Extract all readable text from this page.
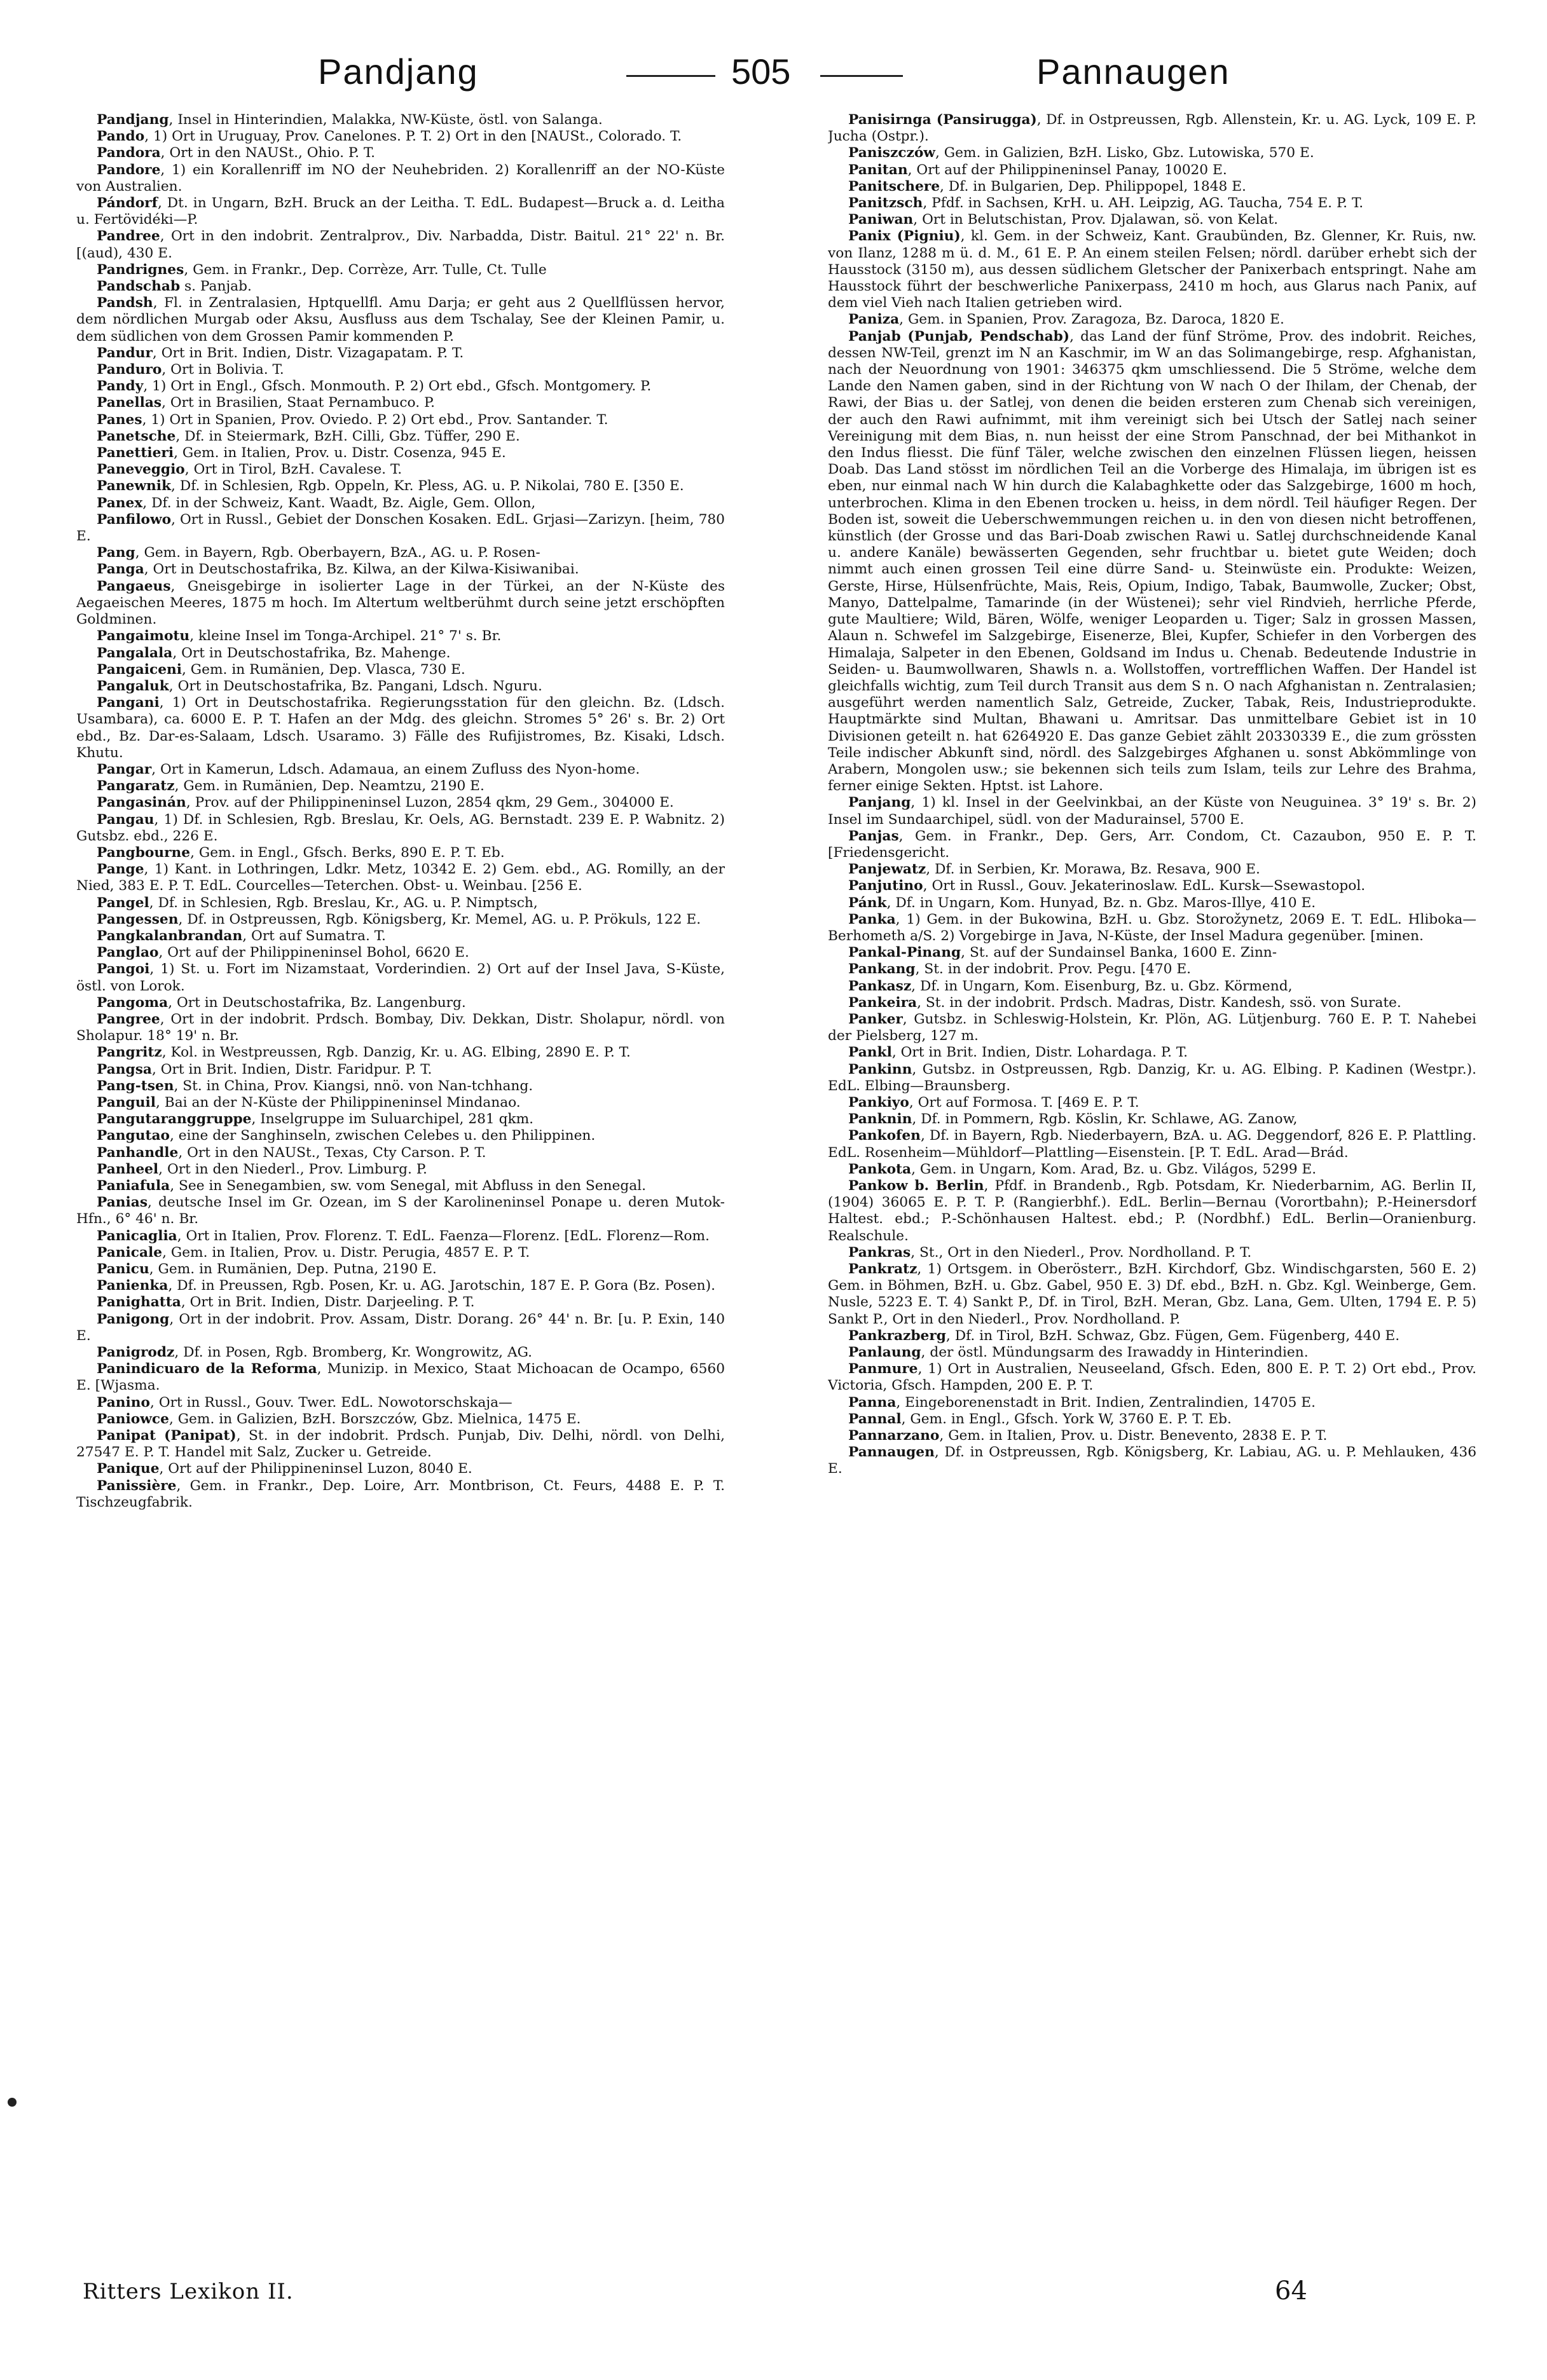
Pandjang	505	Pannaugen

Pandjang, Insel in Hinterindien, Malakka, NW-Küste, östl. von Salanga.

Pando, 1) Ort in Uruguay, Prov. Canelones. P. T. 2) Ort in den [NAUSt., Colorado. T.

Pandora, Ort in den NAUSt., Ohio. P. T.

Pandore, 1) ein Korallenriff im NO der Neuhebriden. 2) Korallenriff an der NO-Küste von Australien.

Pándorf, Dt. in Ungarn, BzH. Bruck an der Leitha. T. EdL. Budapest—Bruck a. d. Leitha u. Fertövidéki—P.

Pandree, Ort in den indobrit. Zentralprov., Div. Narbadda, Distr. Baitul. 21° 22' n. Br. [(aud), 430 E.

Pandrignes, Gem. in Frankr., Dep. Corrèze, Arr. Tulle, Ct. Tulle

Pandschab s. Panjab.

Pandsh, Fl. in Zentralasien, Hptquellfl. Amu Darja; er geht aus 2 Quellflüssen hervor, dem nördlichen Murgab oder Aksu, Ausfluss aus dem Tschalay, See der Kleinen Pamir, u. dem südlichen von dem Grossen Pamir kommenden P.

Pandur, Ort in Brit. Indien, Distr. Vizagapatam. P. T.

Panduro, Ort in Bolivia. T.

Pandy, 1) Ort in Engl., Gfsch. Monmouth. P. 2) Ort ebd., Gfsch. Montgomery. P.

Panellas, Ort in Brasilien, Staat Pernambuco. P.

Panes, 1) Ort in Spanien, Prov. Oviedo. P. 2) Ort ebd., Prov. Santander. T.

Panetsche, Df. in Steiermark, BzH. Cilli, Gbz. Tüffer, 290 E.

Panettieri, Gem. in Italien, Prov. u. Distr. Cosenza, 945 E.

Paneveggio, Ort in Tirol, BzH. Cavalese. T.

Panewnik, Df. in Schlesien, Rgb. Oppeln, Kr. Pless, AG. u. P. Nikolai, 780 E. [350 E.

Panex, Df. in der Schweiz, Kant. Waadt, Bz. Aigle, Gem. Ollon,

Panfilowo, Ort in Russl., Gebiet der Donschen Kosaken. EdL. Grjasi—Zarizyn. [heim, 780 E.

Pang, Gem. in Bayern, Rgb. Oberbayern, BzA., AG. u. P. Rosen-

Panga, Ort in Deutschostafrika, Bz. Kilwa, an der Kilwa-Kisiwanibai.

Pangaeus, Gneisgebirge in isolierter Lage in der Türkei, an der N-Küste des Aegaeischen Meeres, 1875 m hoch. Im Altertum weltberühmt durch seine jetzt erschöpften Goldminen.

Pangaimotu, kleine Insel im Tonga-Archipel. 21° 7' s. Br.

Pangalala, Ort in Deutschostafrika, Bz. Mahenge.

Pangaiceni, Gem. in Rumänien, Dep. Vlasca, 730 E.

Pangaluk, Ort in Deutschostafrika, Bz. Pangani, Ldsch. Nguru.

Pangani, 1) Ort in Deutschostafrika. Regierungsstation für den gleichn. Bz. (Ldsch. Usambara), ca. 6000 E. P. T. Hafen an der Mdg. des gleichn. Stromes 5° 26' s. Br. 2) Ort ebd., Bz. Dar-es-Salaam, Ldsch. Usaramo. 3) Fälle des Rufijistromes, Bz. Kisaki, Ldsch. Khutu.

Pangar, Ort in Kamerun, Ldsch. Adamaua, an einem Zufluss des Nyon-home.

Pangaratz, Gem. in Rumänien, Dep. Neamtzu, 2190 E.

Pangasinán, Prov. auf der Philippineninsel Luzon, 2854 qkm, 29 Gem., 304000 E.

Pangau, 1) Df. in Schlesien, Rgb. Breslau, Kr. Oels, AG. Bernstadt. 239 E. P. Wabnitz. 2) Gutsbz. ebd., 226 E.

Pangbourne, Gem. in Engl., Gfsch. Berks, 890 E. P. T. Eb.

Pange, 1) Kant. in Lothringen, Ldkr. Metz, 10342 E. 2) Gem. ebd., AG. Romilly, an der Nied, 383 E. P. T. EdL. Courcelles—Teterchen. Obst- u. Weinbau. [256 E.

Pangel, Df. in Schlesien, Rgb. Breslau, Kr., AG. u. P. Nimptsch,

Pangessen, Df. in Ostpreussen, Rgb. Königsberg, Kr. Memel, AG. u. P. Prökuls, 122 E.

Pangkalanbrandan, Ort auf Sumatra. T.

Panglao, Ort auf der Philippineninsel Bohol, 6620 E.

Pangoi, 1) St. u. Fort im Nizamstaat, Vorderindien. 2) Ort auf der Insel Java, S-Küste, östl. von Lorok.

Pangoma, Ort in Deutschostafrika, Bz. Langenburg.

Pangree, Ort in der indobrit. Prdsch. Bombay, Div. Dekkan, Distr. Sholapur, nördl. von Sholapur. 18° 19' n. Br.

Pangritz, Kol. in Westpreussen, Rgb. Danzig, Kr. u. AG. Elbing, 2890 E. P. T.

Pangsa, Ort in Brit. Indien, Distr. Faridpur. P. T.

Pang-tsen, St. in China, Prov. Kiangsi, nnö. von Nan-tchhang.

Panguil, Bai an der N-Küste der Philippineninsel Mindanao.

Pangutaranggruppe, Inselgruppe im Suluarchipel, 281 qkm.

Pangutao, eine der Sanghinseln, zwischen Celebes u. den Philippinen.

Panhandle, Ort in den NAUSt., Texas, Cty Carson. P. T.

Panheel, Ort in den Niederl., Prov. Limburg. P.

Paniafula, See in Senegambien, sw. vom Senegal, mit Abfluss in den Senegal.

Panias, deutsche Insel im Gr. Ozean, im S der Karolineninsel Ponape u. deren Mutok-Hfn., 6° 46' n. Br.

Panicaglia, Ort in Italien, Prov. Florenz. T. EdL. Faenza—Florenz. [EdL. Florenz—Rom.

Panicale, Gem. in Italien, Prov. u. Distr. Perugia, 4857 E. P. T.

Panicu, Gem. in Rumänien, Dep. Putna, 2190 E.

Panienka, Df. in Preussen, Rgb. Posen, Kr. u. AG. Jarotschin, 187 E. P. Gora (Bz. Posen).

Panighatta, Ort in Brit. Indien, Distr. Darjeeling. P. T.

Panigong, Ort in der indobrit. Prov. Assam, Distr. Dorang. 26° 44' n. Br. [u. P. Exin, 140 E.

Panigrodz, Df. in Posen, Rgb. Bromberg, Kr. Wongrowitz, AG.

Panindicuaro de la Reforma, Munizip. in Mexico, Staat Michoacan de Ocampo, 6560 E. [Wjasma.

Panino, Ort in Russl., Gouv. Twer. EdL. Nowotorschskaja—

Paniowce, Gem. in Galizien, BzH. Borszczów, Gbz. Mielnica, 1475 E.

Panipat (Panipat), St. in der indobrit. Prdsch. Punjab, Div. Delhi, nördl. von Delhi, 27547 E. P. T. Handel mit Salz, Zucker u. Getreide.

Panique, Ort auf der Philippineninsel Luzon, 8040 E.

Panissière, Gem. in Frankr., Dep. Loire, Arr. Montbrison, Ct. Feurs, 4488 E. P. T. Tischzeugfabrik.

Panisirnga (Pansirugga), Df. in Ostpreussen, Rgb. Allenstein, Kr. u. AG. Lyck, 109 E. P. Jucha (Ostpr.).

Paniszczów, Gem. in Galizien, BzH. Lisko, Gbz. Lutowiska, 570 E.

Panitan, Ort auf der Philippineninsel Panay, 10020 E.

Panitschere, Df. in Bulgarien, Dep. Philippopel, 1848 E.

Panitzsch, Pfdf. in Sachsen, KrH. u. AH. Leipzig, AG. Taucha, 754 E. P. T.

Paniwan, Ort in Belutschistan, Prov. Djalawan, sö. von Kelat.

Panix (Pigniu), kl. Gem. in der Schweiz, Kant. Graubünden, Bz. Glenner, Kr. Ruis, nw. von Ilanz, 1288 m ü. d. M., 61 E. P. An einem steilen Felsen; nördl. darüber erhebt sich der Hausstock (3150 m), aus dessen südlichem Gletscher der Panixerbach entspringt. Nahe am Hausstock führt der beschwerliche Panixerpass, 2410 m hoch, aus Glarus nach Panix, auf dem viel Vieh nach Italien getrieben wird.

Paniza, Gem. in Spanien, Prov. Zaragoza, Bz. Daroca, 1820 E.

Panjab (Punjab, Pendschab), das Land der fünf Ströme, Prov. des indobrit. Reiches, dessen NW-Teil, grenzt im N an Kaschmir, im W an das Solimangebirge, resp. Afghanistan, nach der Neuordnung von 1901: 346375 qkm umschliessend. Die 5 Ströme, welche dem Lande den Namen gaben, sind in der Richtung von W nach O der Ihilam, der Chenab, der Rawi, der Bias u. der Satlej, von denen die beiden ersteren zum Chenab sich vereinigen, der auch den Rawi aufnimmt, mit ihm vereinigt sich bei Utsch der Satlej nach seiner Vereinigung mit dem Bias, n. nun heisst der eine Strom Panschnad, der bei Mithankot in den Indus fliesst. Die fünf Täler, welche zwischen den einzelnen Flüssen liegen, heissen Doab. Das Land stösst im nördlichen Teil an die Vorberge des Himalaja, im übrigen ist es eben, nur einmal nach W hin durch die Kalabaghkette oder das Salzgebirge, 1600 m hoch, unterbrochen. Klima in den Ebenen trocken u. heiss, in dem nördl. Teil häufiger Regen. Der Boden ist, soweit die Ueberschwemmungen reichen u. in den von diesen nicht betroffenen, künstlich (der Grosse und das Bari-Doab zwischen Rawi u. Satlej durchschneidende Kanal u. andere Kanäle) bewässerten Gegenden, sehr fruchtbar u. bietet gute Weiden; doch nimmt auch einen grossen Teil eine dürre Sand- u. Steinwüste ein. Produkte: Weizen, Gerste, Hirse, Hülsenfrüchte, Mais, Reis, Opium, Indigo, Tabak, Baumwolle, Zucker; Obst, Manyo, Dattelpalme, Tamarinde (in der Wüstenei); sehr viel Rindvieh, herrliche Pferde, gute Maultiere; Wild, Bären, Wölfe, weniger Leoparden u. Tiger; Salz in grossen Massen, Alaun n. Schwefel im Salzgebirge, Eisenerze, Blei, Kupfer, Schiefer in den Vorbergen des Himalaja, Salpeter in den Ebenen, Goldsand im Indus u. Chenab. Bedeutende Industrie in Seiden- u. Baumwollwaren, Shawls n. a. Wollstoffen, vortrefflichen Waffen. Der Handel ist gleichfalls wichtig, zum Teil durch Transit aus dem S n. O nach Afghanistan n. Zentralasien; ausgeführt werden namentlich Salz, Getreide, Zucker, Tabak, Reis, Industrieprodukte. Hauptmärkte sind Multan, Bhawani u. Amritsar. Das unmittelbare Gebiet ist in 10 Divisionen geteilt n. hat 6264920 E. Das ganze Gebiet zählt 20330339 E., die zum grössten Teile indischer Abkunft sind, nördl. des Salzgebirges Afghanen u. sonst Abkömmlinge von Arabern, Mongolen usw.; sie bekennen sich teils zum Islam, teils zur Lehre des Brahma, ferner einige Sekten. Hptst. ist Lahore.

Panjang, 1) kl. Insel in der Geelvinkbai, an der Küste von Neuguinea. 3° 19' s. Br. 2) Insel im Sundaarchipel, südl. von der Madurainsel, 5700 E.

Panjas, Gem. in Frankr., Dep. Gers, Arr. Condom, Ct. Cazaubon, 950 E. P. T. [Friedensgericht.

Panjewatz, Df. in Serbien, Kr. Morawa, Bz. Resava, 900 E.

Panjutino, Ort in Russl., Gouv. Jekaterinoslaw. EdL. Kursk—Ssewastopol.

Pánk, Df. in Ungarn, Kom. Hunyad, Bz. n. Gbz. Maros-Illye, 410 E.

Panka, 1) Gem. in der Bukowina, BzH. u. Gbz. Storožynetz, 2069 E. T. EdL. Hliboka—Berhometh a/S. 2) Vorgebirge in Java, N-Küste, der Insel Madura gegenüber. [minen.

Pankal-Pinang, St. auf der Sundainsel Banka, 1600 E. Zinn-

Pankang, St. in der indobrit. Prov. Pegu. [470 E.

Pankasz, Df. in Ungarn, Kom. Eisenburg, Bz. u. Gbz. Körmend,

Pankeira, St. in der indobrit. Prdsch. Madras, Distr. Kandesh, ssö. von Surate.

Panker, Gutsbz. in Schleswig-Holstein, Kr. Plön, AG. Lütjenburg. 760 E. P. T. Nahebei der Pielsberg, 127 m.

Pankl, Ort in Brit. Indien, Distr. Lohardaga. P. T.

Pankinn, Gutsbz. in Ostpreussen, Rgb. Danzig, Kr. u. AG. Elbing. P. Kadinen (Westpr.). EdL. Elbing—Braunsberg.

Pankiyo, Ort auf Formosa. T. [469 E. P. T.

Panknin, Df. in Pommern, Rgb. Köslin, Kr. Schlawe, AG. Zanow,

Pankofen, Df. in Bayern, Rgb. Niederbayern, BzA. u. AG. Deggendorf, 826 E. P. Plattling. EdL. Rosenheim—Mühldorf—Plattling—Eisenstein. [P. T. EdL. Arad—Brád.

Pankota, Gem. in Ungarn, Kom. Arad, Bz. u. Gbz. Világos, 5299 E.

Pankow b. Berlin, Pfdf. in Brandenb., Rgb. Potsdam, Kr. Niederbarnim, AG. Berlin II, (1904) 36065 E. P. T. P. (Rangierbhf.). EdL. Berlin—Bernau (Vorortbahn); P.-Heinersdorf Haltest. ebd.; P.-Schönhausen Haltest. ebd.; P. (Nordbhf.) EdL. Berlin—Oranienburg. Realschule.

Pankras, St., Ort in den Niederl., Prov. Nordholland. P. T.

Pankratz, 1) Ortsgem. in Oberösterr., BzH. Kirchdorf, Gbz. Windischgarsten, 560 E. 2) Gem. in Böhmen, BzH. u. Gbz. Gabel, 950 E. 3) Df. ebd., BzH. n. Gbz. Kgl. Weinberge, Gem. Nusle, 5223 E. T. 4) Sankt P., Df. in Tirol, BzH. Meran, Gbz. Lana, Gem. Ulten, 1794 E. P. 5) Sankt P., Ort in den Niederl., Prov. Nordholland. P.

Pankrazberg, Df. in Tirol, BzH. Schwaz, Gbz. Fügen, Gem. Fügenberg, 440 E.

Panlaung, der östl. Mündungsarm des Irawaddy in Hinterindien.

Panmure, 1) Ort in Australien, Neuseeland, Gfsch. Eden, 800 E. P. T. 2) Ort ebd., Prov. Victoria, Gfsch. Hampden, 200 E. P. T.

Panna, Eingeborenenstadt in Brit. Indien, Zentralindien, 14705 E.

Pannal, Gem. in Engl., Gfsch. York W, 3760 E. P. T. Eb.

Pannarzano, Gem. in Italien, Prov. u. Distr. Benevento, 2838 E. P. T.

Pannaugen, Df. in Ostpreussen, Rgb. Königsberg, Kr. Labiau, AG. u. P. Mehlauken, 436 E.

Ritters Lexikon II.	64
